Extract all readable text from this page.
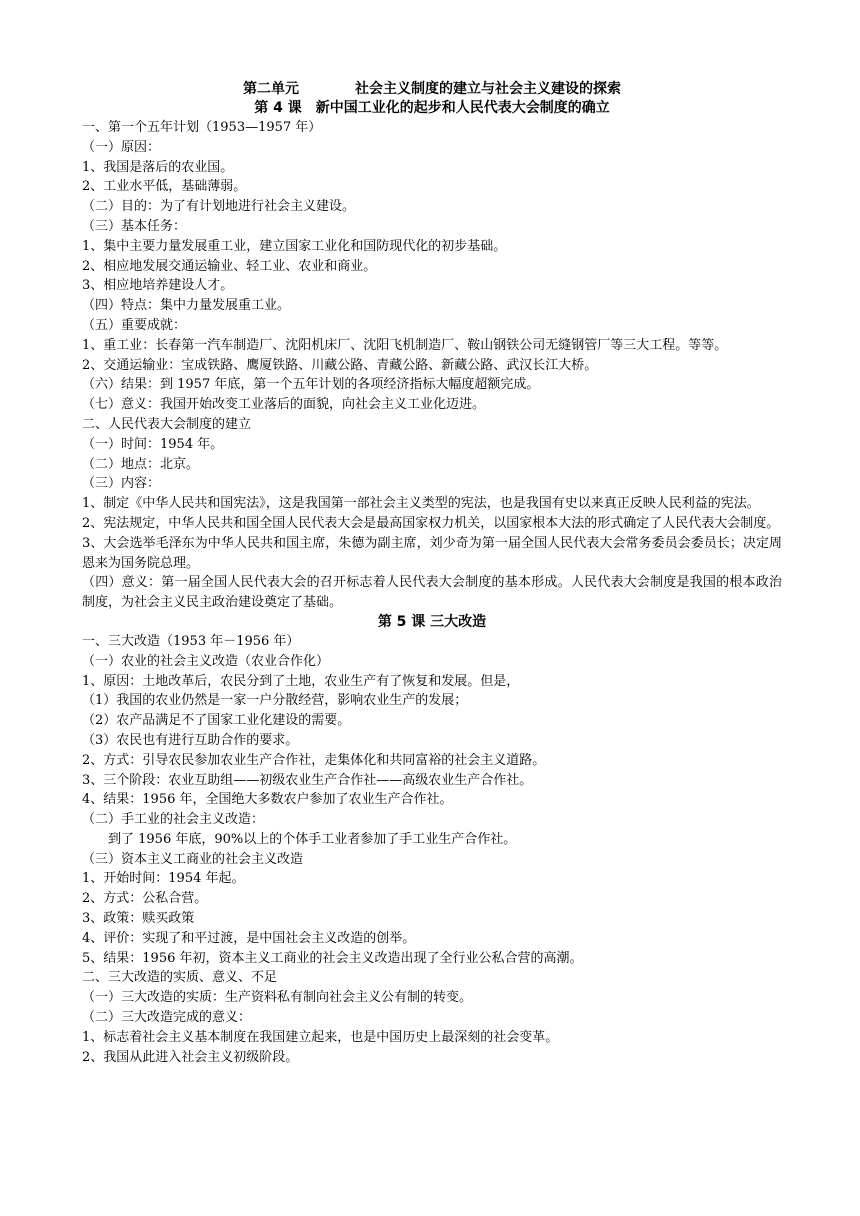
第二单元	社会主义制度的建立与社会主义建设的探索
第 4 课　新中国工业化的起步和人民代表大会制度的确立
一、第一个五年计划（1953—1957 年）
（一）原因：
1、我国是落后的农业国。
2、工业水平低，基础薄弱。
（二）目的：为了有计划地进行社会主义建设。
（三）基本任务：
1、集中主要力量发展重工业，建立国家工业化和国防现代化的初步基础。
2、相应地发展交通运输业、轻工业、农业和商业。
3、相应地培养建设人才。
（四）特点：集中力量发展重工业。
（五）重要成就：
1、重工业：长春第一汽车制造厂、沈阳机床厂、沈阳飞机制造厂、鞍山钢铁公司无缝钢管厂等三大工程。等等。
2、交通运输业：宝成铁路、鹰厦铁路、川藏公路、青藏公路、新藏公路、武汉长江大桥。
（六）结果：到 1957 年底，第一个五年计划的各项经济指标大幅度超额完成。
（七）意义：我国开始改变工业落后的面貌，向社会主义工业化迈进。
二、人民代表大会制度的建立
（一）时间：1954 年。
（二）地点：北京。
（三）内容：
1、制定《中华人民共和国宪法》，这是我国第一部社会主义类型的宪法，也是我国有史以来真正反映人民利益的宪法。
2、宪法规定，中华人民共和国全国人民代表大会是最高国家权力机关，以国家根本大法的形式确定了人民代表大会制度。
3、大会选举毛泽东为中华人民共和国主席，朱德为副主席，刘少奇为第一届全国人民代表大会常务委员会委员长；决定周恩来为国务院总理。
（四）意义：第一届全国人民代表大会的召开标志着人民代表大会制度的基本形成。人民代表大会制度是我国的根本政治制度，为社会主义民主政治建设奠定了基础。
第 5 课 三大改造
一、三大改造（1953 年－1956 年）
（一）农业的社会主义改造（农业合作化）
1、原因：土地改革后，农民分到了土地，农业生产有了恢复和发展。但是，
（1）我国的农业仍然是一家一户分散经营，影响农业生产的发展；
（2）农产品满足不了国家工业化建设的需要。
（3）农民也有进行互助合作的要求。
2、方式：引导农民参加农业生产合作社，走集体化和共同富裕的社会主义道路。
3、三个阶段：农业互助组——初级农业生产合作社——高级农业生产合作社。
4、结果：1956 年，全国绝大多数农户参加了农业生产合作社。
（二）手工业的社会主义改造：
到了 1956 年底，90%以上的个体手工业者参加了手工业生产合作社。
（三）资本主义工商业的社会主义改造
1、开始时间：1954 年起。
2、方式：公私合营。
3、政策：赎买政策
4、评价：实现了和平过渡，是中国社会主义改造的创举。
5、结果：1956 年初，资本主义工商业的社会主义改造出现了全行业公私合营的高潮。
二、三大改造的实质、意义、不足
（一）三大改造的实质：生产资料私有制向社会主义公有制的转变。
（二）三大改造完成的意义：
1、标志着社会主义基本制度在我国建立起来，也是中国历史上最深刻的社会变革。
2、我国从此进入社会主义初级阶段。
